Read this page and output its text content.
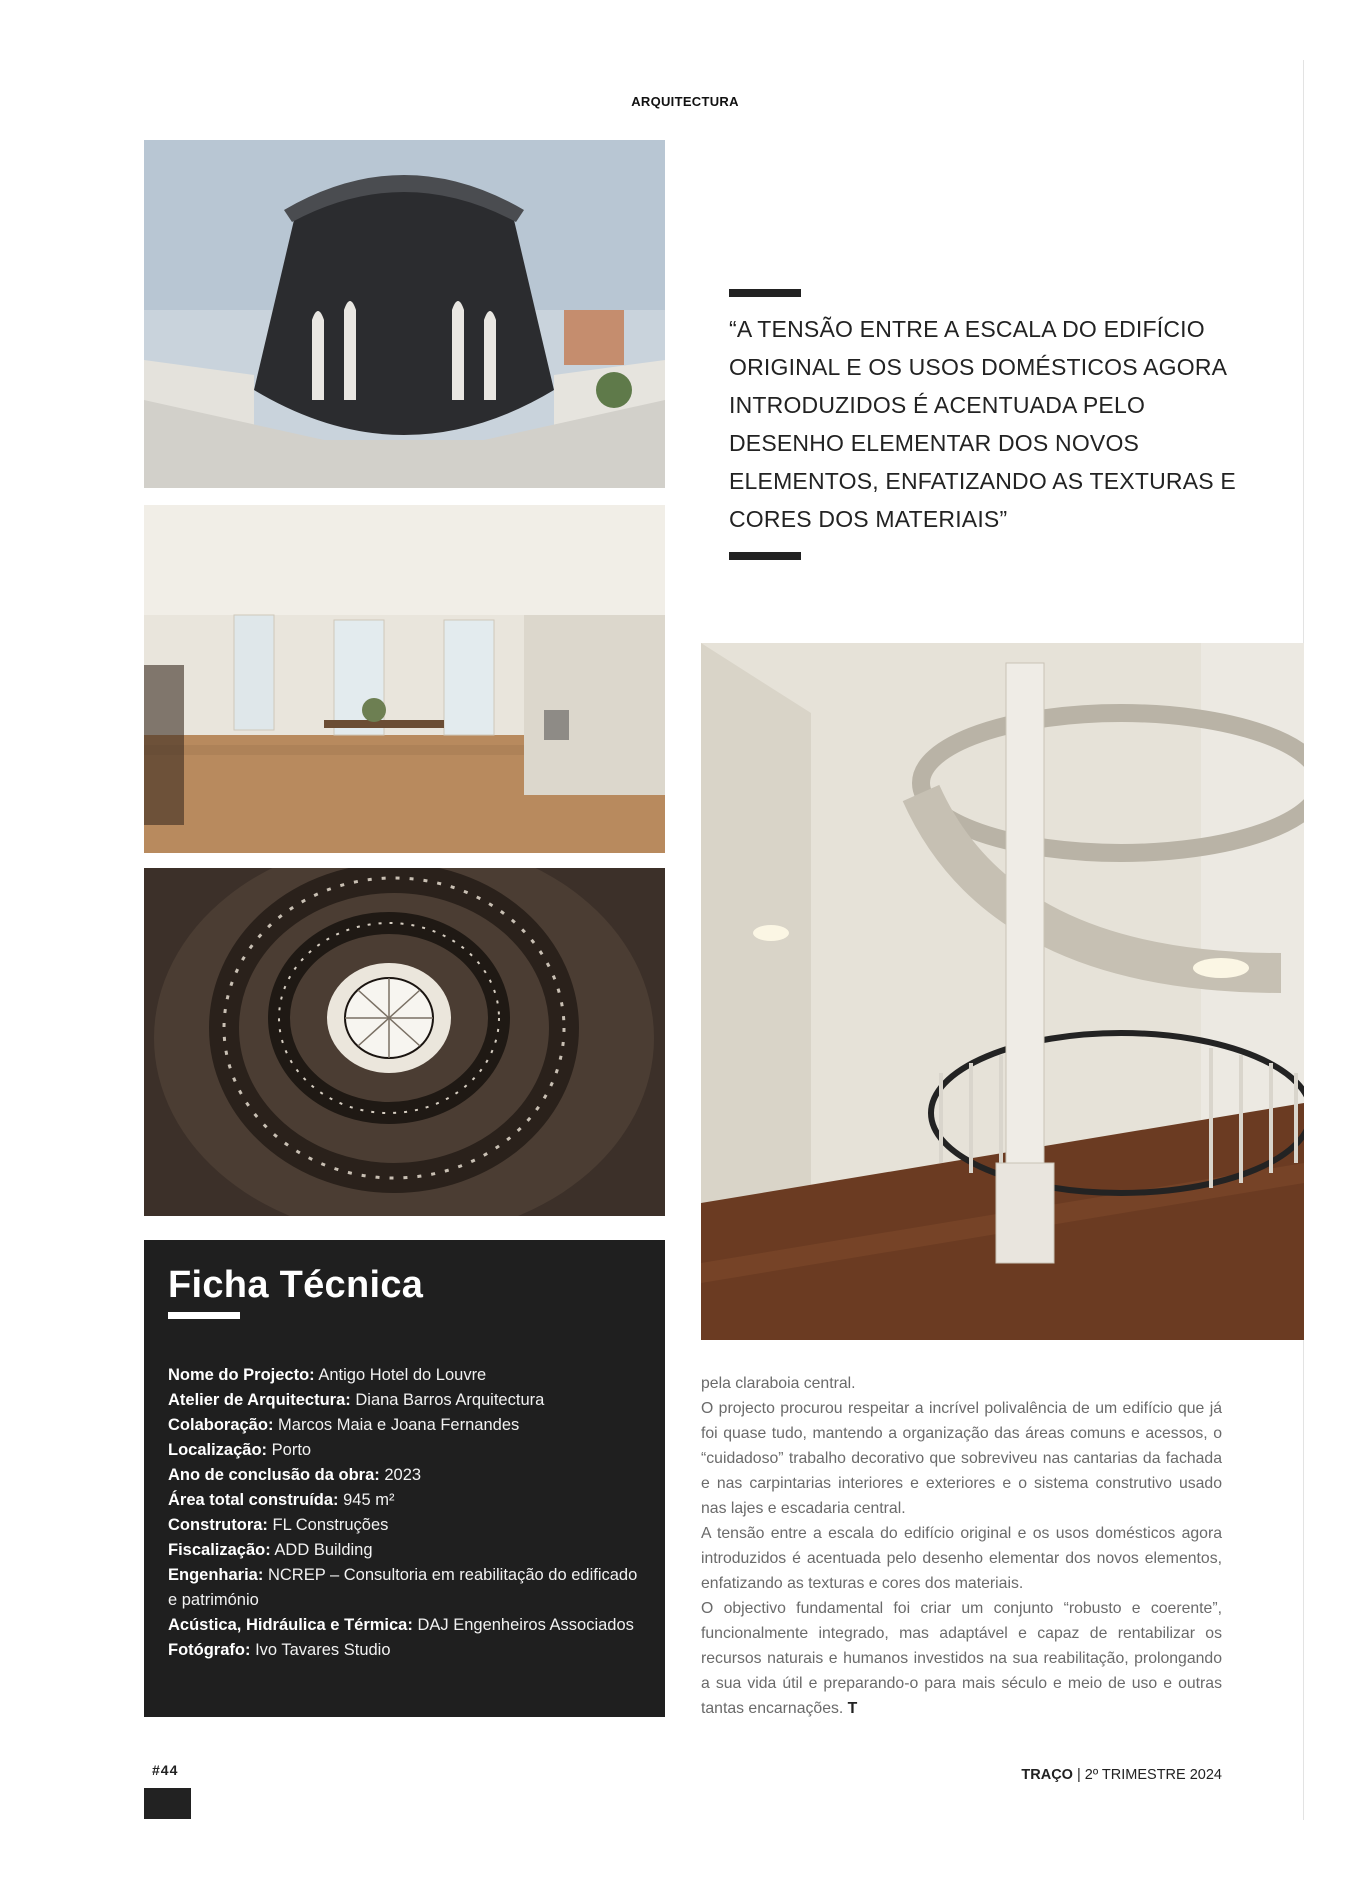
ARQUITECTURA

“A TENSÃO ENTRE A ESCALA DO EDIFÍCIO ORIGINAL E OS USOS DOMÉSTICOS AGORA INTRODUZIDOS É ACENTUADA PELO DESENHO ELEMENTAR DOS NOVOS ELEMENTOS, ENFATIZANDO AS TEXTURAS E CORES DOS MATERIAIS”

Ficha Técnica
Nome do Projecto: Antigo Hotel do Louvre
Atelier de Arquitectura: Diana Barros Arquitectura
Colaboração: Marcos Maia e Joana Fernandes
Localização: Porto
Ano de conclusão da obra: 2023
Área total construída: 945 m²
Construtora: FL Construções
Fiscalização: ADD Building
Engenharia: NCREP – Consultoria em reabilitação do edificado e património
Acústica, Hidráulica e Térmica: DAJ Engenheiros Associados
Fotógrafo: Ivo Tavares Studio

pela claraboia central.

O projecto procurou respeitar a incrível polivalência de um edifício que já foi quase tudo, mantendo a organização das áreas comuns e acessos, o “cuidadoso” trabalho decorativo que sobreviveu nas cantarias da fachada e nas carpintarias interiores e exteriores e o sistema construtivo usado nas lajes e escadaria central.

A tensão entre a escala do edifício original e os usos domésticos agora introduzidos é acentuada pelo desenho elementar dos novos elementos, enfatizando as texturas e cores dos materiais.

O objectivo fundamental foi criar um conjunto “robusto e coerente”, funcionalmente integrado, mas adaptável e capaz de rentabilizar os recursos naturais e humanos investidos na sua reabilitação, prolongando a sua vida útil e preparando-o para mais século e meio de uso e outras tantas encarnações. T

#44	TRAÇO | 2º TRIMESTRE 2024
